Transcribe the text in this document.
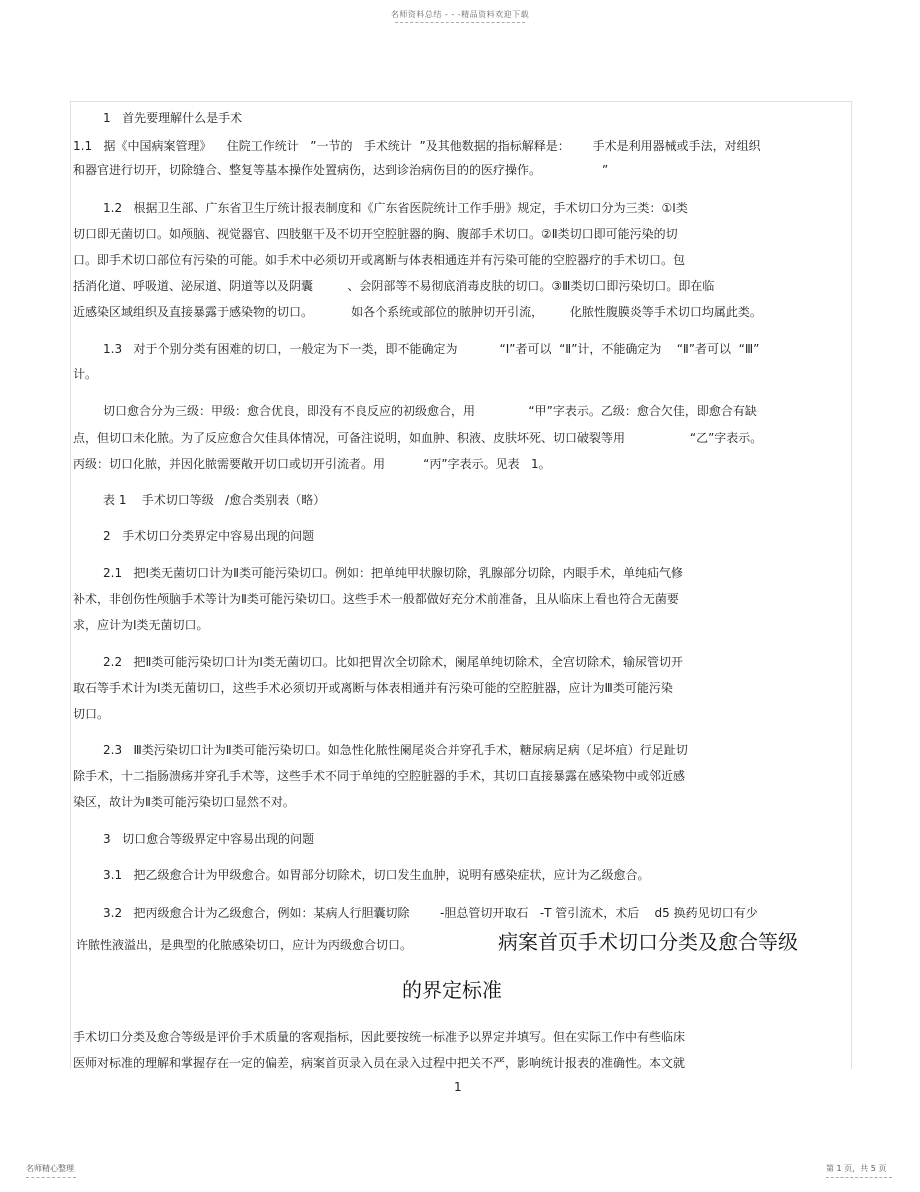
名师资料总结 - - -精品资料欢迎下载
1   首先要理解什么是手术
1.1   据《中国病案管理》    住院工作统计   ”一节的   手术统计  ”及其他数据的指标解释是：      手术是利用器械或手法，对组织
和器官进行切开，切除缝合、整复等基本操作处置病伤，达到诊治病伤目的的医疗操作。                ”
1.2   根据卫生部、广东省卫生厅统计报表制度和《广东省医院统计工作手册》规定，手术切口分为三类：①Ⅰ类
切口即无菌切口。如颅脑、视觉器官、四肢躯干及不切开空腔脏器的胸、腹部手术切口。②Ⅱ类切口即可能污染的切
口。即手术切口部位有污染的可能。如手术中必须切开或离断与体表相通连并有污染可能的空腔器疗的手术切口。包
括消化道、呼吸道、泌尿道、阴道等以及阴囊         、会阴部等不易彻底消毒皮肤的切口。③Ⅲ类切口即污染切口。即在临
近感染区域组织及直接暴露于感染物的切口。          如各个系统或部位的脓肿切开引流，       化脓性腹膜炎等手术切口均属此类。
1.3   对于个别分类有困难的切口，一般定为下一类，即不能确定为           “Ⅰ”者可以  “Ⅱ”计，不能确定为    “Ⅱ”者可以  “Ⅲ”
计。
切口愈合分为三级：甲级：愈合优良，即没有不良反应的初级愈合，用              “甲”字表示。乙级：愈合欠佳，即愈合有缺
点，但切口未化脓。为了反应愈合欠佳具体情况，可备注说明，如血肿、积液、皮肤坏死、切口破裂等用                 “乙”字表示。
丙级：切口化脓，并因化脓需要敞开切口或切开引流者。用          “丙”字表示。见表   1。
表 1    手术切口等级   /愈合类别表（略）
2   手术切口分类界定中容易出现的问题
2.1   把Ⅰ类无菌切口计为Ⅱ类可能污染切口。例如：把单纯甲状腺切除，乳腺部分切除，内眼手术，单纯疝气修
补术，非创伤性颅脑手术等计为Ⅱ类可能污染切口。这些手术一般都做好充分术前准备，且从临床上看也符合无菌要
求，应计为Ⅰ类无菌切口。
2.2   把Ⅱ类可能污染切口计为Ⅰ类无菌切口。比如把胃次全切除术，阑尾单纯切除术，全宫切除术，输尿管切开
取石等手术计为Ⅰ类无菌切口，这些手术必须切开或离断与体表相通并有污染可能的空腔脏器，应计为Ⅲ类可能污染
切口。
2.3   Ⅲ类污染切口计为Ⅱ类可能污染切口。如急性化脓性阑尾炎合并穿孔手术，糖尿病足病（足坏疽）行足趾切
除手术，十二指肠溃疡并穿孔手术等，这些手术不同于单纯的空腔脏器的手术，其切口直接暴露在感染物中或邻近感
染区，故计为Ⅱ类可能污染切口显然不对。
3   切口愈合等级界定中容易出现的问题
3.1   把乙级愈合计为甲级愈合。如胃部分切除术，切口发生血肿，说明有感染症状，应计为乙级愈合。
3.2   把丙级愈合计为乙级愈合，例如：某病人行胆囊切除        -胆总管切开取石   -T 管引流术，术后    d5 换药见切口有少
许脓性液溢出，是典型的化脓感染切口，应计为丙级愈合切口。	病案首页手术切口分类及愈合等级
的界定标准
手术切口分类及愈合等级是评价手术质量的客观指标，因此要按统一标准予以界定并填写。但在实际工作中有些临床
医师对标准的理解和掌握存在一定的偏差，病案首页录入员在录入过程中把关不严，影响统计报表的准确性。本文就
1
名师精心整理	第 1 页，共 5 页
